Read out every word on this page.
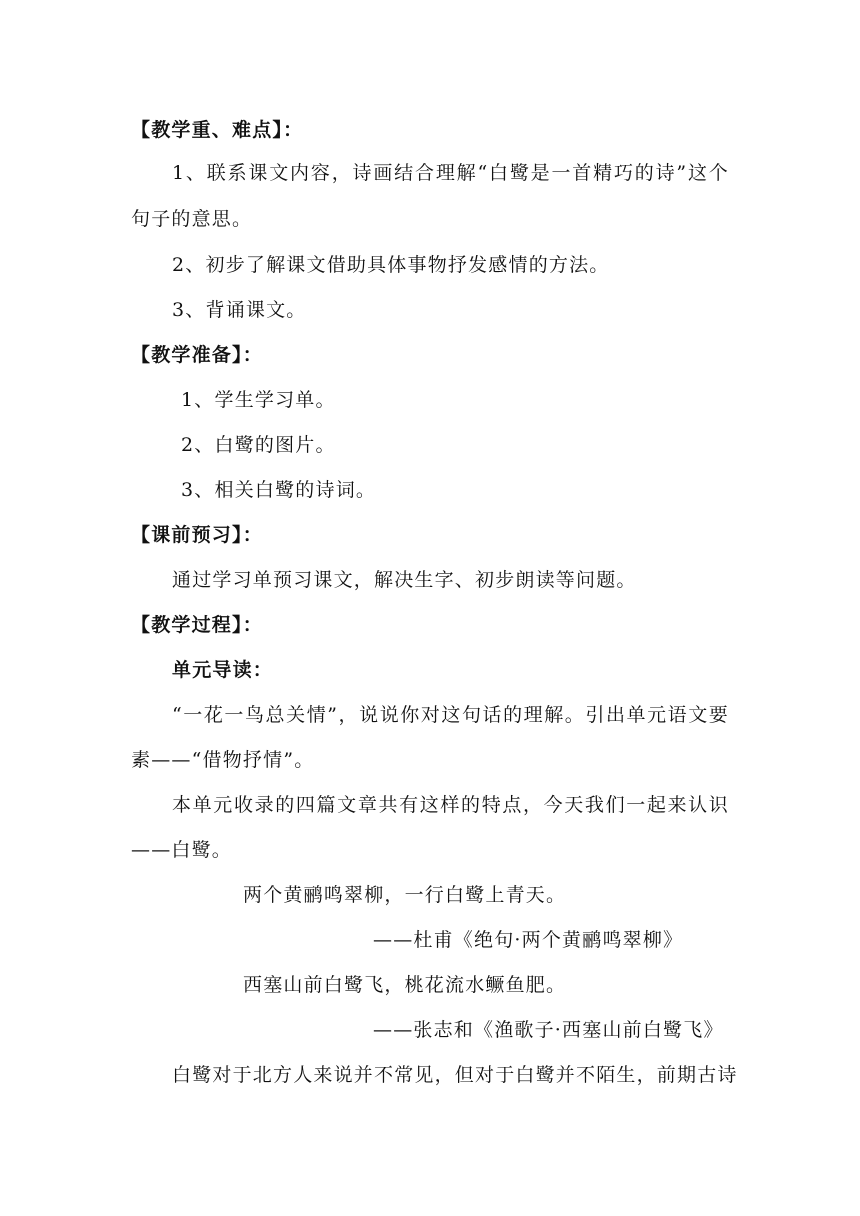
【教学重、难点】：
1、联系课文内容，诗画结合理解“白鹭是一首精巧的诗”这个
句子的意思。
2、初步了解课文借助具体事物抒发感情的方法。
3、背诵课文。
【教学准备】：
1、学生学习单。
2、白鹭的图片。
3、相关白鹭的诗词。
【课前预习】：
通过学习单预习课文，解决生字、初步朗读等问题。
【教学过程】：
单元导读：
“一花一鸟总关情”，说说你对这句话的理解。引出单元语文要
素——“借物抒情”。
本单元收录的四篇文章共有这样的特点，今天我们一起来认识
——白鹭。
两个黄鹂鸣翠柳，一行白鹭上青天。
——杜甫《绝句·两个黄鹂鸣翠柳》
西塞山前白鹭飞，桃花流水鳜鱼肥。
——张志和《渔歌子·西塞山前白鹭飞》
白鹭对于北方人来说并不常见，但对于白鹭并不陌生，前期古诗
